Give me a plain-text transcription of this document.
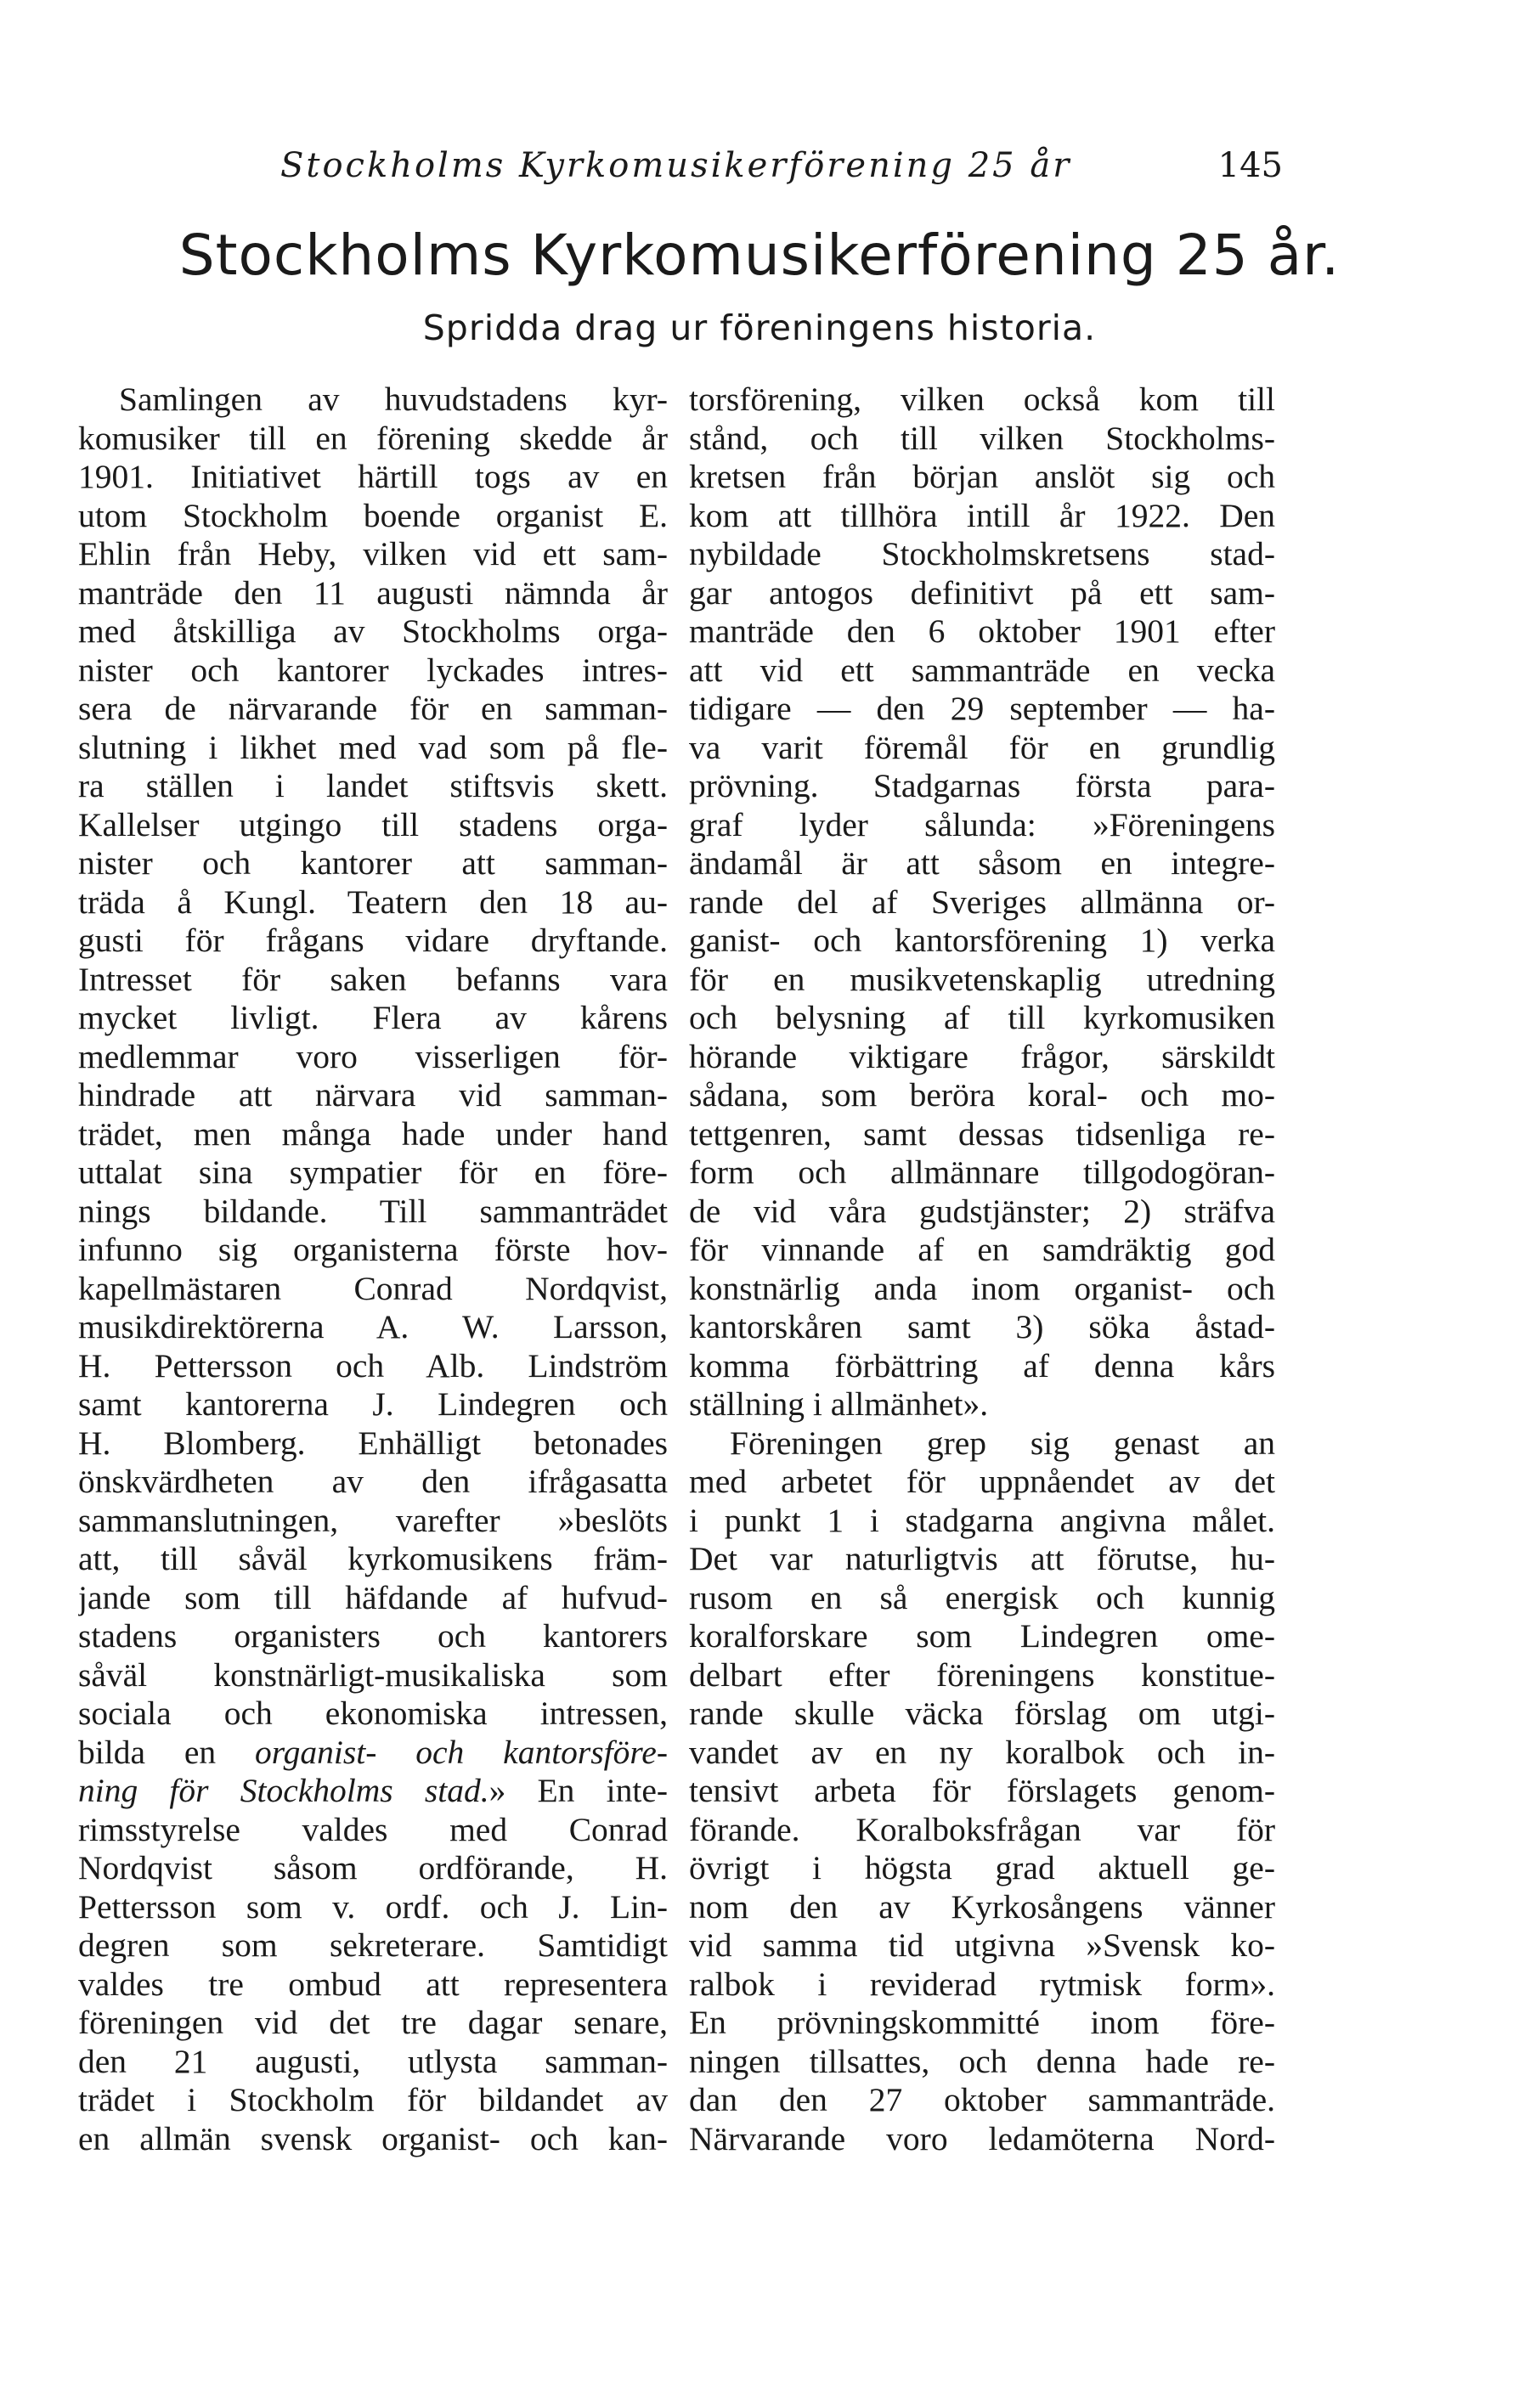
Stockholms Kyrkomusikerförening 25 år	145
Stockholms Kyrkomusikerförening 25 år.
Spridda drag ur föreningens historia.
Samlingen av huvudstadens kyr-
komusiker till en förening skedde år
1901. Initiativet härtill togs av en
utom Stockholm boende organist E.
Ehlin från Heby, vilken vid ett sam-
manträde den 11 augusti nämnda år
med åtskilliga av Stockholms orga-
nister och kantorer lyckades intres-
sera de närvarande för en samman-
slutning i likhet med vad som på fle-
ra ställen i landet stiftsvis skett.
Kallelser utgingo till stadens orga-
nister och kantorer att samman-
träda å Kungl. Teatern den 18 au-
gusti för frågans vidare dryftande.
Intresset för saken befanns vara
mycket livligt. Flera av kårens
medlemmar voro visserligen för-
hindrade att närvara vid samman-
trädet, men många hade under hand
uttalat sina sympatier för en före-
nings bildande. Till sammanträdet
infunno sig organisterna förste hov-
kapellmästaren Conrad Nordqvist,
musikdirektörerna A. W. Larsson,
H. Pettersson och Alb. Lindström
samt kantorerna J. Lindegren och
H. Blomberg. Enhälligt betonades
önskvärdheten av den ifrågasatta
sammanslutningen, varefter »beslöts
att, till såväl kyrkomusikens främ-
jande som till häfdande af hufvud-
stadens organisters och kantorers
såväl konstnärligt-musikaliska som
sociala och ekonomiska intressen,
bilda en organist- och kantorsföre-
ning för Stockholms stad.» En inte-
rimsstyrelse valdes med Conrad
Nordqvist såsom ordförande, H.
Pettersson som v. ordf. och J. Lin-
degren som sekreterare. Samtidigt
valdes tre ombud att representera
föreningen vid det tre dagar senare,
den 21 augusti, utlysta samman-
trädet i Stockholm för bildandet av
en allmän svensk organist- och kan-
torsförening, vilken också kom till
stånd, och till vilken Stockholms-
kretsen från början anslöt sig och
kom att tillhöra intill år 1922. Den
nybildade Stockholmskretsens stad-
gar antogos definitivt på ett sam-
manträde den 6 oktober 1901 efter
att vid ett sammanträde en vecka
tidigare — den 29 september — ha-
va varit föremål för en grundlig
prövning. Stadgarnas första para-
graf lyder sålunda: »Föreningens
ändamål är att såsom en integre-
rande del af Sveriges allmänna or-
ganist- och kantorsförening 1) verka
för en musikvetenskaplig utredning
och belysning af till kyrkomusiken
hörande viktigare frågor, särskildt
sådana, som beröra koral- och mo-
tettgenren, samt dessas tidsenliga re-
form och allmännare tillgodogöran-
de vid våra gudstjänster; 2) sträfva
för vinnande af en samdräktig god
konstnärlig anda inom organist- och
kantorskåren samt 3) söka åstad-
komma förbättring af denna kårs
ställning i allmänhet».
Föreningen grep sig genast an
med arbetet för uppnåendet av det
i punkt 1 i stadgarna angivna målet.
Det var naturligtvis att förutse, hu-
rusom en så energisk och kunnig
koralforskare som Lindegren ome-
delbart efter föreningens konstitue-
rande skulle väcka förslag om utgi-
vandet av en ny koralbok och in-
tensivt arbeta för förslagets genom-
förande. Koralboksfrågan var för
övrigt i högsta grad aktuell ge-
nom den av Kyrkosångens vänner
vid samma tid utgivna »Svensk ko-
ralbok i reviderad rytmisk form».
En prövningskommitté inom före-
ningen tillsattes, och denna hade re-
dan den 27 oktober sammanträde.
Närvarande voro ledamöterna Nord-
